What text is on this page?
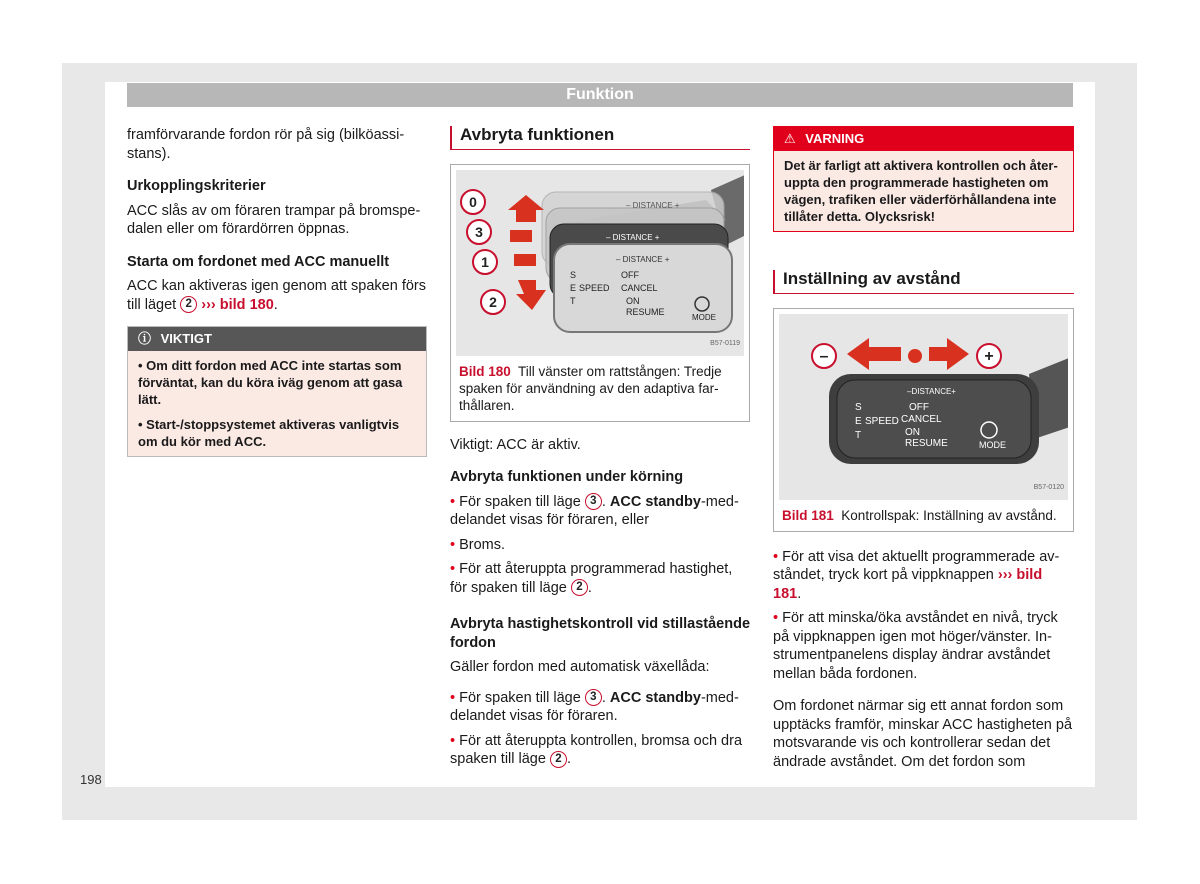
Funktion

framförvarande fordon rör på sig (bilköassi-stans).

Urkopplingskriterier

ACC slås av om föraren trampar på bromspe-dalen eller om förardörren öppnas.

Starta om fordonet med ACC manuellt

ACC kan aktiveras igen genom att spaken förs till läget 2 ››› bild 180.

ⓘ VIKTIGT
• Om ditt fordon med ACC inte startas som förväntat, kan du köra iväg genom att gasa lätt.
• Start-/stoppsystemet aktiveras vanligtvis om du kör med ACC.
Avbryta funktionen
– DISTANCE +
– DISTANCE +
– DISTANCE +
S
E
T
SPEED
OFF
CANCEL
ON
RESUME
MODE
0
3
1
2
B57-0119
Bild 180 Till vänster om rattstången: Tredje spaken för användning av den adaptiva far-thållaren.

Viktigt: ACC är aktiv.

Avbryta funktionen under körning
• För spaken till läge 3 . ACC standby-med-delandet visas för föraren, eller
• Broms.
• För att återuppta programmerad hastighet, för spaken till läge 2 .
Avbryta hastighetskontroll vid stillastående fordon

Gäller fordon med automatisk växellåda:

• För spaken till läge 3 . ACC standby-med-delandet visas för föraren.
• För att återuppta kontrollen, bromsa och dra spaken till läge 2 .
⚠ VARNING
Det är farligt att aktivera kontrollen och åter-uppta den programmerade hastigheten om vägen, trafiken eller väderförhållandena inte tillåter detta. Olycksrisk!
Inställning av avstånd
–DISTANCE+
S
E
T
SPEED
OFF
CANCEL
ON
RESUME	MODE
–	+
B57-0120
Bild 181 Kontrollspak: Inställning av avstånd.
• För att visa det aktuellt programmerade av-ståndet, tryck kort på vippknappen ››› bild 181.
• För att minska/öka avståndet en nivå, tryck på vippknappen igen mot höger/vänster. In-strumentpanelens display ändrar avståndet mellan båda fordonen.

Om fordonet närmar sig ett annat fordon som upptäcks framför, minskar ACC hastigheten på motsvarande vis och kontrollerar sedan det ändrade avståndet. Om det fordon som

198
